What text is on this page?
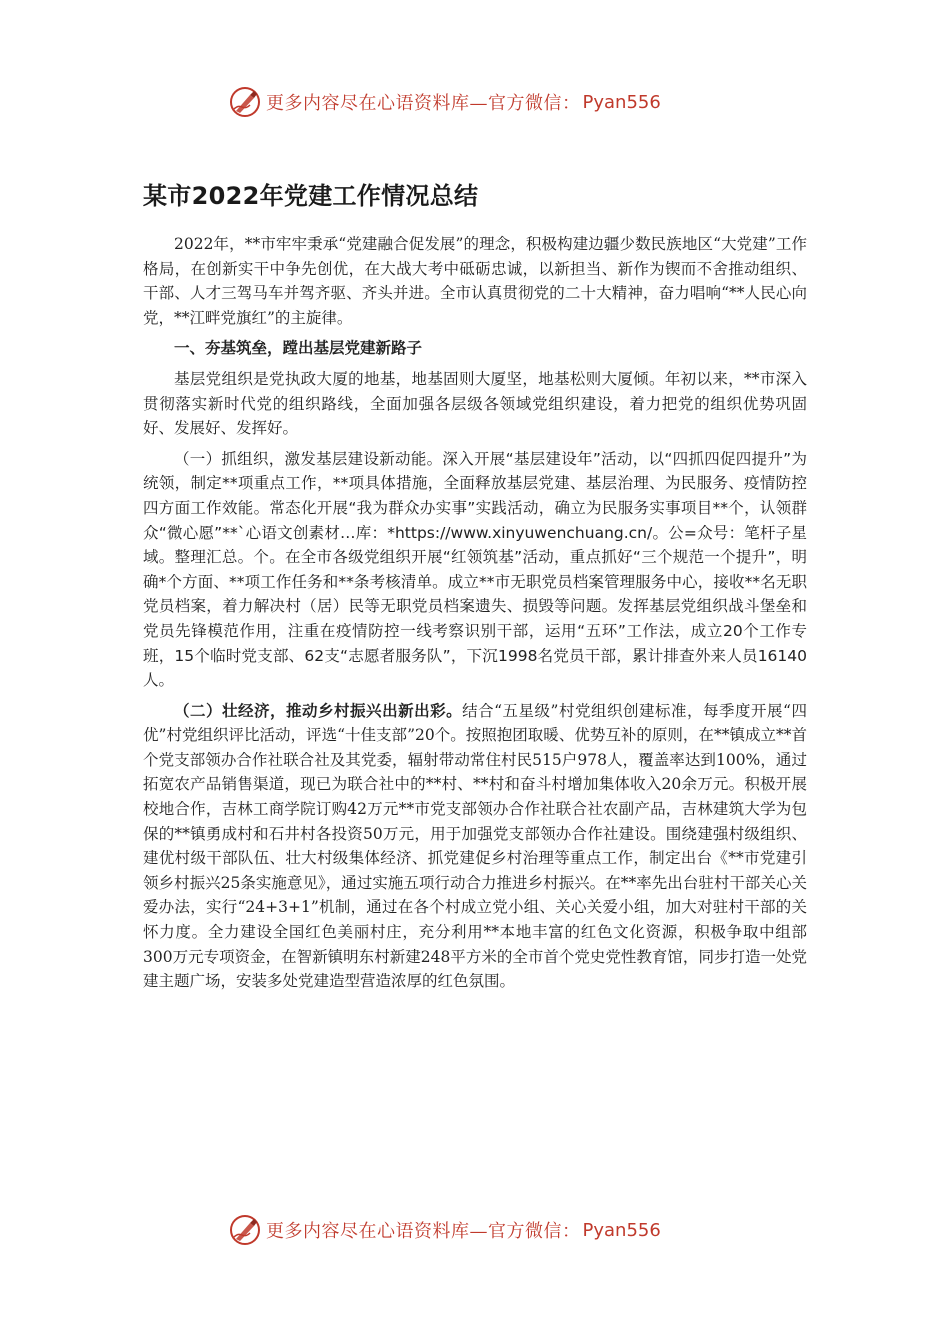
更多内容尽在心语资料库—官方微信： Pyan556
某市2022年党建工作情况总结

2022年，**市牢牢秉承“党建融合促发展”的理念，积极构建边疆少数民族地区“大党建”工作格局，在创新实干中争先创优，在大战大考中砥砺忠诚，以新担当、新作为锲而不舍推动组织、干部、人才三驾马车并驾齐驱、齐头并进。全市认真贯彻党的二十大精神，奋力唱响“**人民心向党，**江畔党旗红”的主旋律。

一、夯基筑垒，蹚出基层党建新路子

基层党组织是党执政大厦的地基，地基固则大厦坚，地基松则大厦倾。年初以来，**市深入贯彻落实新时代党的组织路线，全面加强各层级各领域党组织建设，着力把党的组织优势巩固好、发展好、发挥好。

（一）抓组织，激发基层建设新动能。深入开展“基层建设年”活动，以“四抓四促四提升”为统领，制定**项重点工作，**项具体措施，全面释放基层党建、基层治理、为民服务、疫情防控四方面工作效能。常态化开展“我为群众办实事”实践活动，确立为民服务实事项目**个，认领群众“微心愿”**`心语文创素材…库：*https://www.xinyuwenchuang.cn/。公=众号：笔杆子星域。整理汇总。个。在全市各级党组织开展“红领筑基”活动，重点抓好“三个规范一个提升”，明确*个方面、**项工作任务和**条考核清单。成立**市无职党员档案管理服务中心，接收**名无职党员档案，着力解决村（居）民等无职党员档案遗失、损毁等问题。发挥基层党组织战斗堡垒和党员先锋模范作用，注重在疫情防控一线考察识别干部，运用“五环”工作法，成立20个工作专班，15个临时党支部、62支“志愿者服务队”，下沉1998名党员干部，累计排查外来人员16140人。

（二）壮经济，推动乡村振兴出新出彩。结合“五星级”村党组织创建标准，每季度开展“四优”村党组织评比活动，评选“十佳支部”20个。按照抱团取暖、优势互补的原则，在**镇成立**首个党支部领办合作社联合社及其党委，辐射带动常住村民515户978人，覆盖率达到100%，通过拓宽农产品销售渠道，现已为联合社中的**村、**村和奋斗村增加集体收入20余万元。积极开展校地合作，吉林工商学院订购42万元**市党支部领办合作社联合社农副产品，吉林建筑大学为包保的**镇勇成村和石井村各投资50万元，用于加强党支部领办合作社建设。围绕建强村级组织、建优村级干部队伍、壮大村级集体经济、抓党建促乡村治理等重点工作，制定出台《**市党建引领乡村振兴25条实施意见》，通过实施五项行动合力推进乡村振兴。在**率先出台驻村干部关心关爱办法，实行“24+3+1”机制，通过在各个村成立党小组、关心关爱小组，加大对驻村干部的关怀力度。全力建设全国红色美丽村庄，充分利用**本地丰富的红色文化资源，积极争取中组部300万元专项资金，在智新镇明东村新建248平方米的全市首个党史党性教育馆，同步打造一处党建主题广场，安装多处党建造型营造浓厚的红色氛围。

更多内容尽在心语资料库—官方微信： Pyan556
